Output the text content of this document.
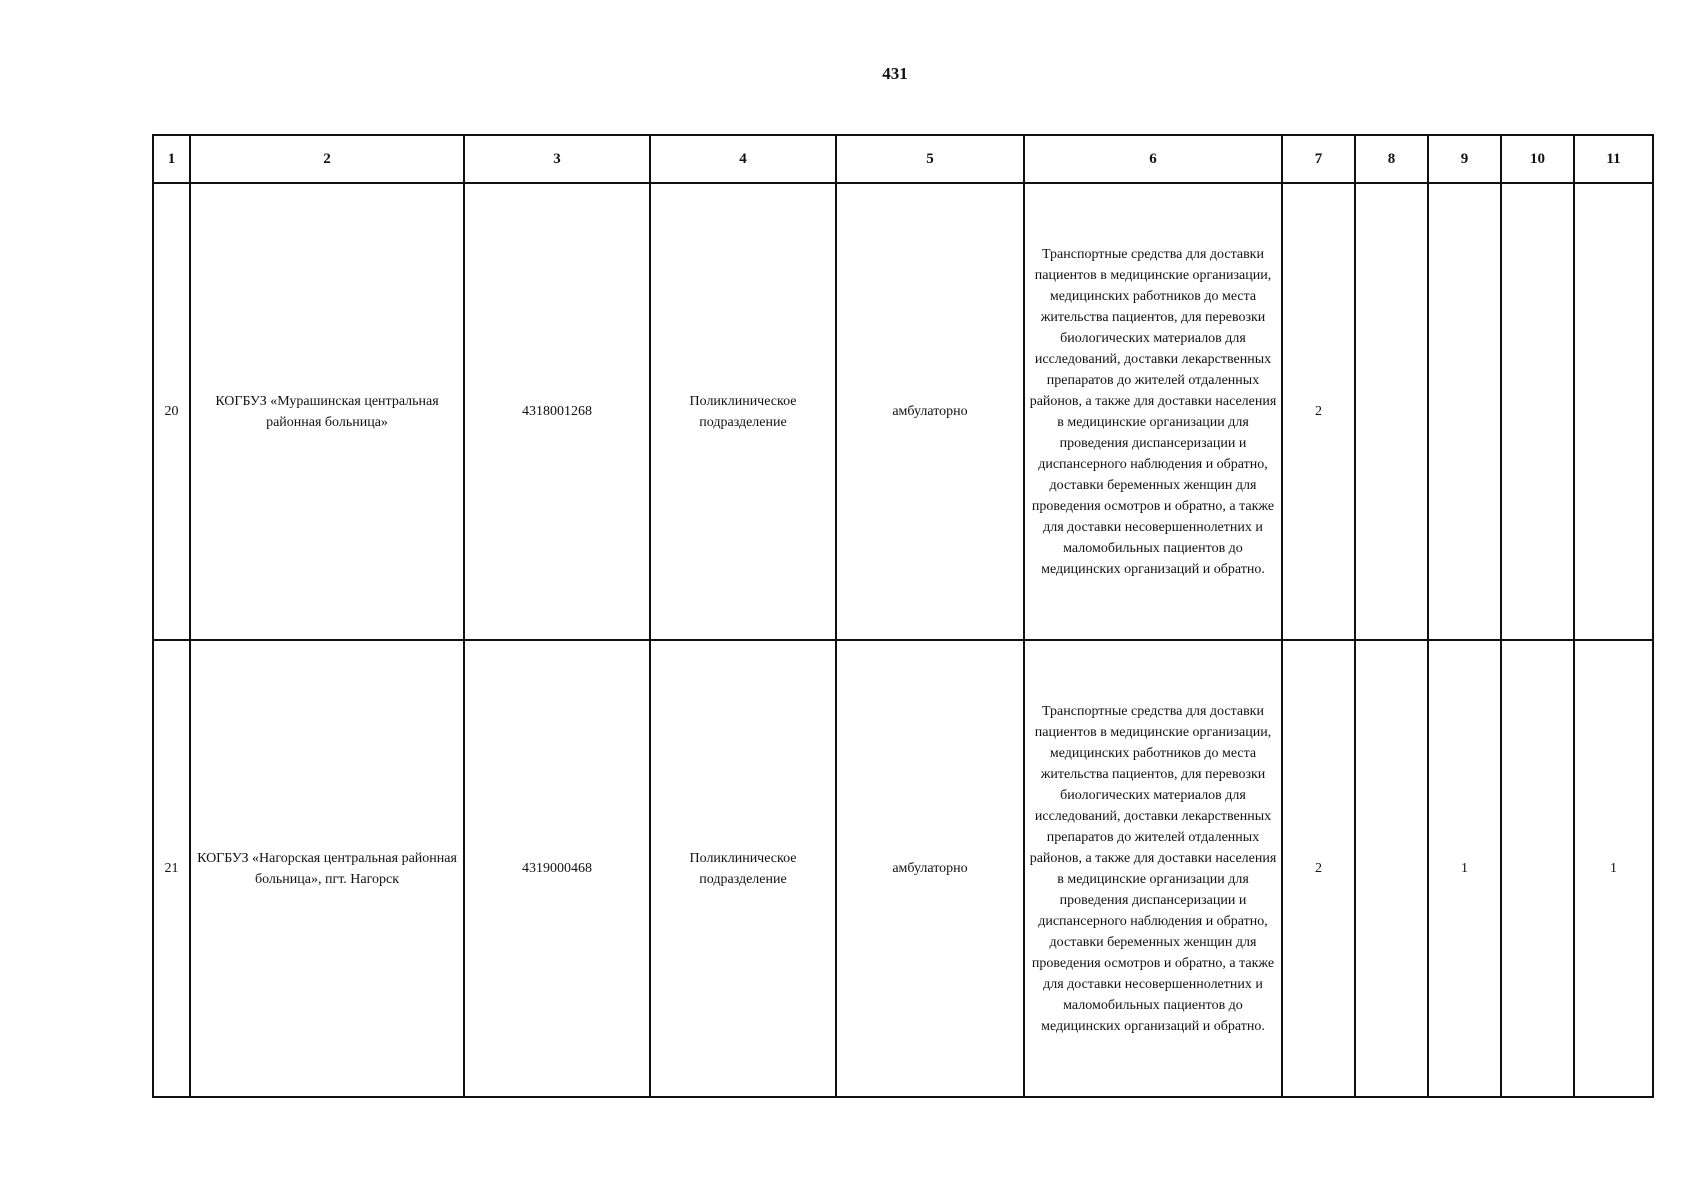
431
1	2	3	4	5	6	7	8	9	10	11
20	КОГБУЗ «Мурашинская центральная районная больница»	4318001268	Поликлиническое подразделение	амбулаторно	Транспортные средства для доставки пациентов в медицинские организации, медицинских работников до места жительства пациентов, для перевозки биологических материалов для исследований, доставки лекарственных препаратов до жителей отдаленных районов, а также для доставки населения в медицинские организации для проведения диспансеризации и диспансерного наблюдения и обратно, доставки беременных женщин для проведения осмотров и обратно, а также для доставки несовершеннолетних и маломобильных пациентов до медицинских организаций и обратно.	2				
21	КОГБУЗ «Нагорская центральная районная больница», пгт. Нагорск	4319000468	Поликлиническое подразделение	амбулаторно	Транспортные средства для доставки пациентов в медицинские организации, медицинских работников до места жительства пациентов, для перевозки биологических материалов для исследований, доставки лекарственных препаратов до жителей отдаленных районов, а также для доставки населения в медицинские организации для проведения диспансеризации и диспансерного наблюдения и обратно, доставки беременных женщин для проведения осмотров и обратно, а также для доставки несовершеннолетних и маломобильных пациентов до медицинских организаций и обратно.	2		1		1
